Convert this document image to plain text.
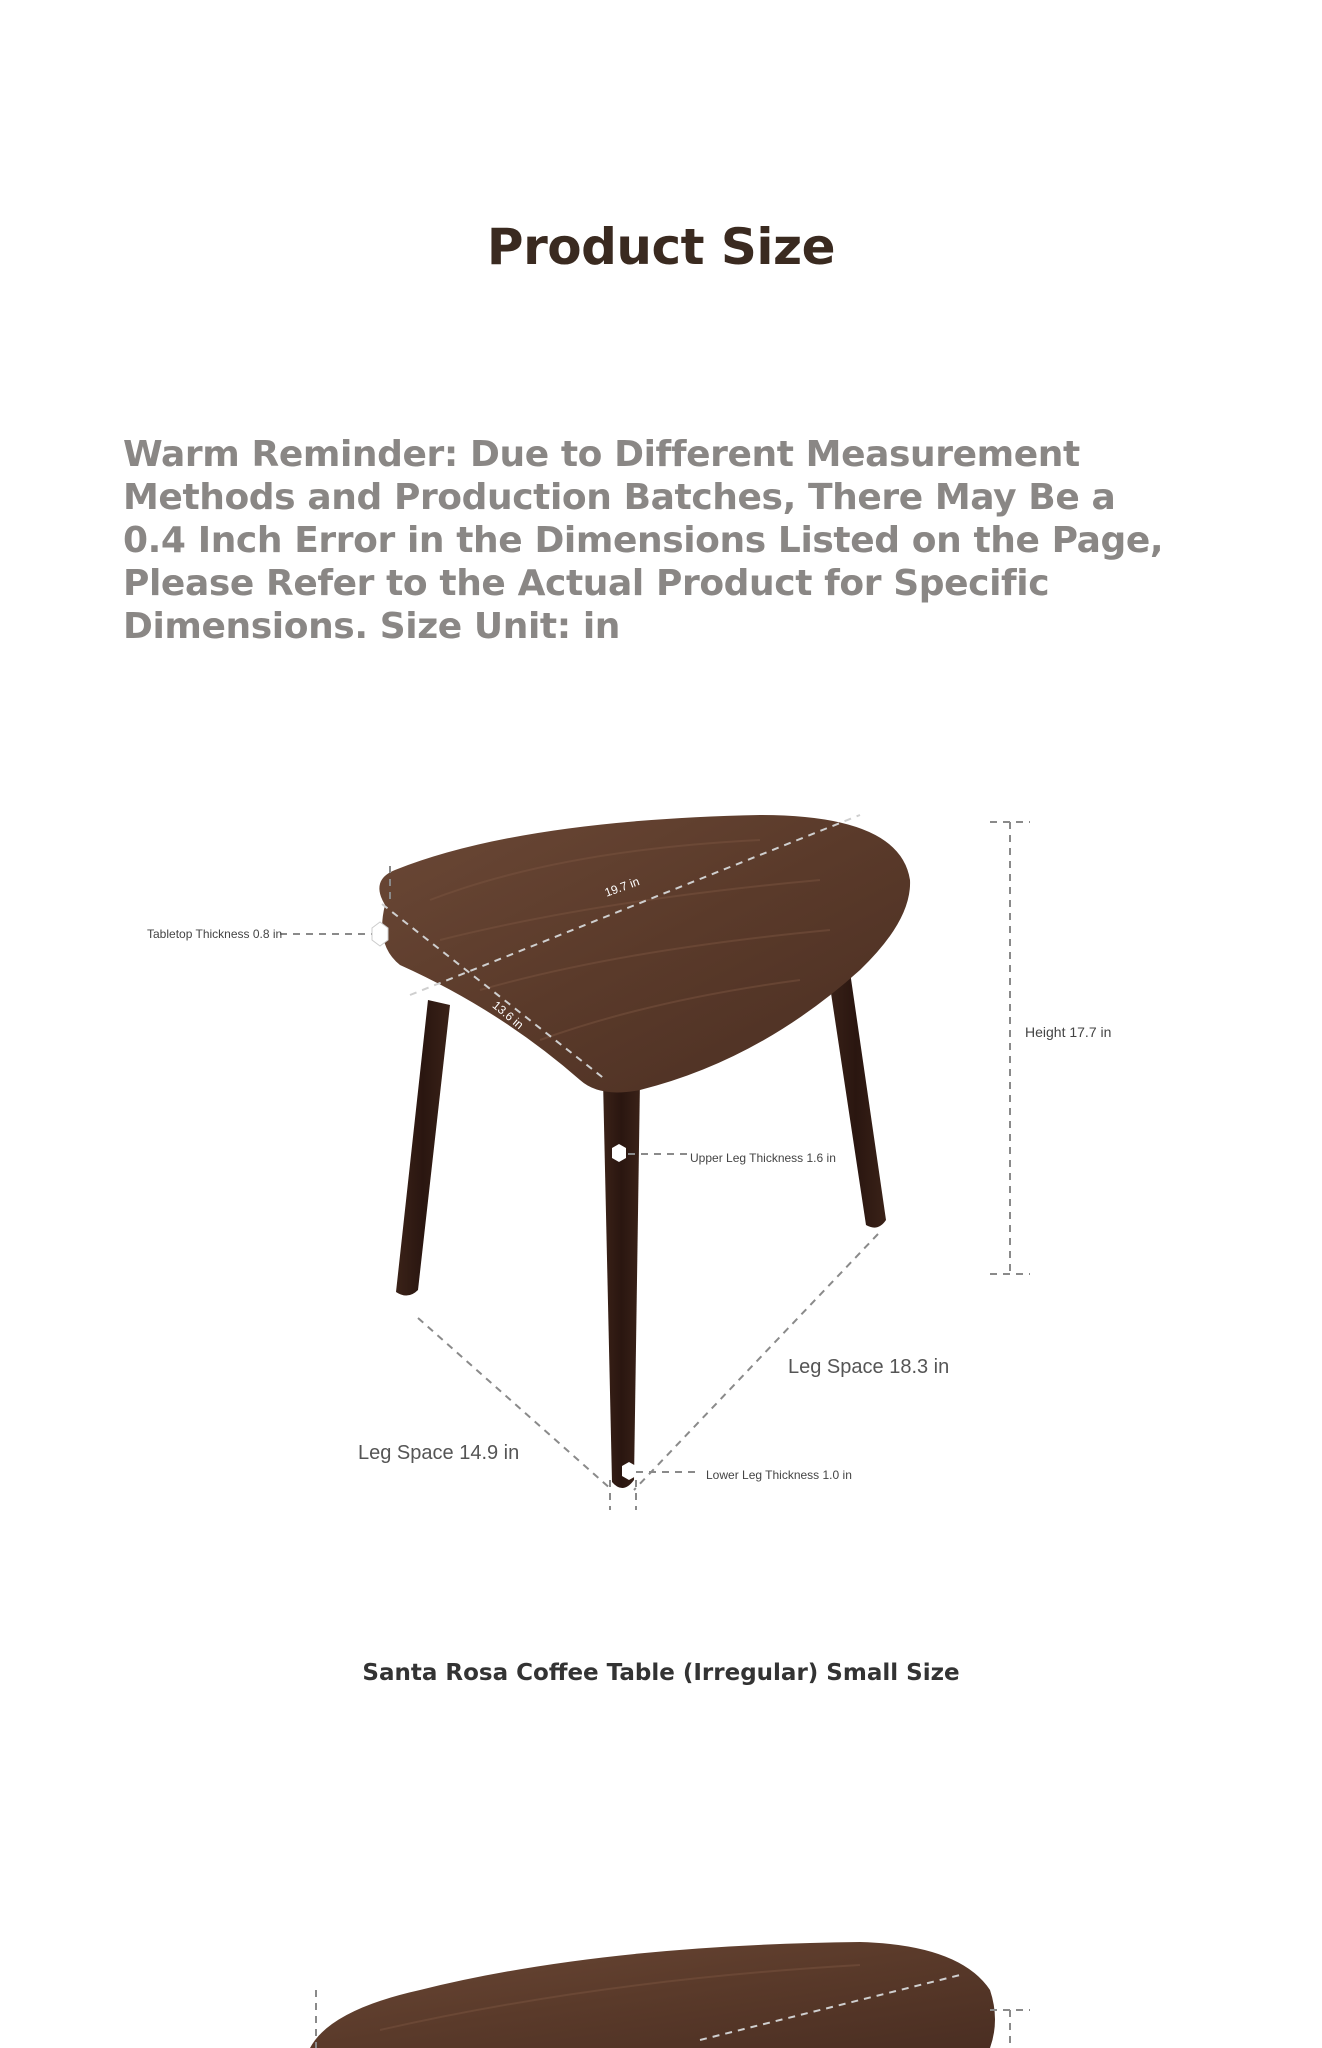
Product Size
Warm Reminder: Due to Different Measurement Methods and Production Batches, There May Be a 0.4 Inch Error in the Dimensions Listed on the Page, Please Refer to the Actual Product for Specific Dimensions. Size Unit: in
Tabletop Thickness 0.8 in
19.7 in
13.6 in
Height 17.7 in
Upper Leg Thickness 1.6 in
Leg Space 18.3 in
Leg Space 14.9 in
Lower Leg Thickness 1.0 in
Santa Rosa Coffee Table (Irregular) Small Size
